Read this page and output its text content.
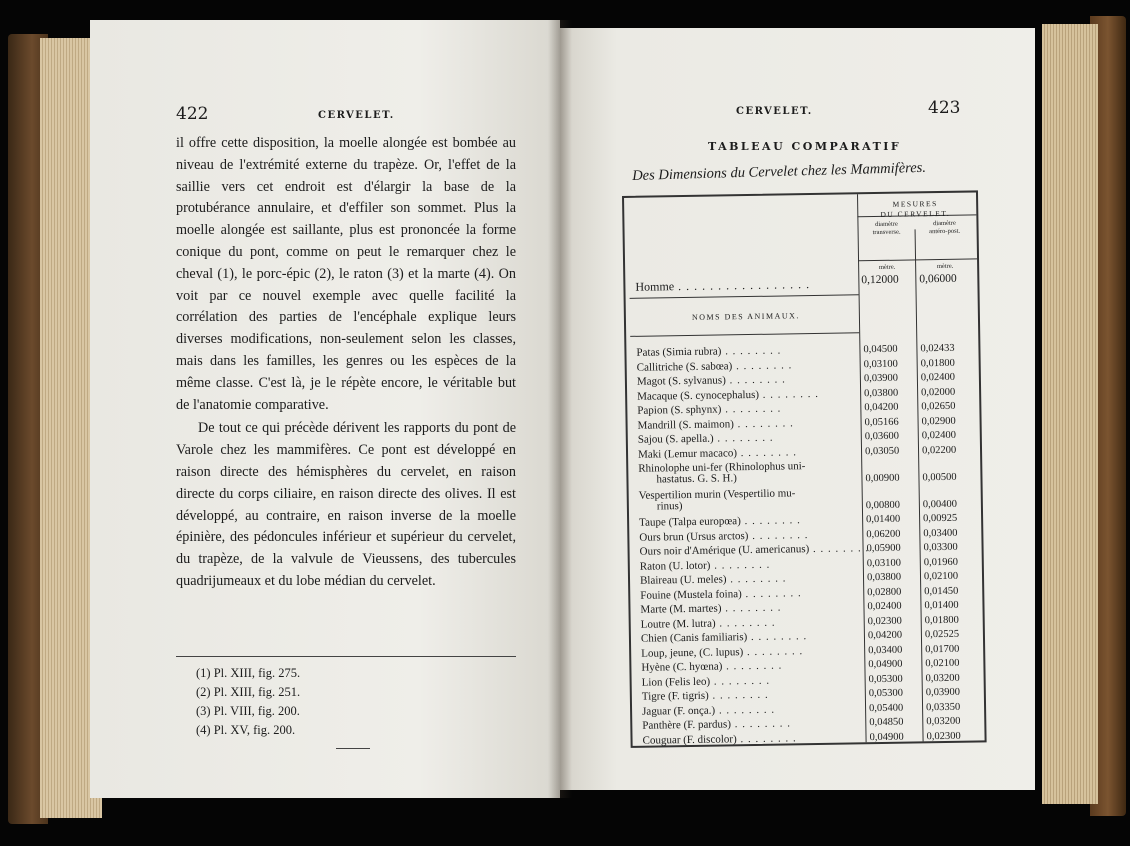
422	CERVELET.

il offre cette disposition, la moelle alongée est bombée au niveau de l'extrémité externe du trapèze. Or, l'effet de la saillie vers cet endroit est d'élargir la base de la protubérance annulaire, et d'effiler son sommet. Plus la moelle alongée est saillante, plus est prononcée la forme conique du pont, comme on peut le remarquer chez le cheval (1), le porc-épic (2), le raton (3) et la marte (4). On voit par ce nouvel exemple avec quelle facilité la corrélation des parties de l'encéphale explique leurs diverses modifications, non-seulement selon les classes, mais dans les familles, les genres ou les espèces de la même classe. C'est là, je le répète encore, le véritable but de l'anatomie comparative.

De tout ce qui précède dérivent les rapports du pont de Varole chez les mammifères. Ce pont est développé en raison directe des hémisphères du cervelet, en raison directe du corps ciliaire, en raison directe des olives. Il est développé, au contraire, en raison inverse de la moelle épinière, des pédoncules inférieur et supérieur du cervelet, du trapèze, de la valvule de Vieussens, des tubercules quadrijumeaux et du lobe médian du cervelet.

(1) Pl. XIII, fig. 275.
(2) Pl. XIII, fig. 251.
(3) Pl. VIII, fig. 200.
(4) Pl. XV, fig. 200.
CERVELET.	423
TABLEAU COMPARATIF
Des Dimensions du Cervelet chez les Mammifères.
MESURES
DU CERVELET.
diamètre
transverse.
diamètre
antéro-post.
mètre.	mètre.
Homme . . . . . . . . . . . . . . . . .	0,12000 0,06000
NOMS DES ANIMAUX.
Patas (Simia rubra) . . . . . . . .	0,04500 0,02433
Callitriche (S. sabœa) . . . . . . . .	0,03100 0,01800
Magot (S. sylvanus) . . . . . . . .	0,03900 0,02400
Macaque (S. cynocephalus) . . . . . . . .	0,03800 0,02000
Papion (S. sphynx) . . . . . . . .	0,04200 0,02650
Mandrill (S. maimon) . . . . . . . .	0,05166 0,02900
Sajou (S. apella.) . . . . . . . .	0,03600 0,02400
Maki (Lemur macaco) . . . . . . . .	0,03050 0,02200
Rhinolophe uni-fer (Rhinolophus uni-
hastatus. G. S. H.)	0,00900 0,00500
Vespertilion murin (Vespertilio mu-
rinus)	0,00800 0,00400
Taupe (Talpa europœa) . . . . . . . .	0,01400 0,00925
Ours brun (Ursus arctos) . . . . . . . .	0,06200 0,03400
Ours noir d'Amérique (U. americanus) . . . . . . . .
0,05900 0,03300
Raton (U. lotor) . . . . . . . .	0,03100 0,01960
Blaireau (U. meles) . . . . . . . .	0,03800 0,02100
Fouine (Mustela foina) . . . . . . . .	0,02800 0,01450
Marte (M. martes) . . . . . . . .	0,02400 0,01400
Loutre (M. lutra) . . . . . . . .	0,02300 0,01800
Chien (Canis familiaris) . . . . . . . .	0,04200 0,02525
Loup, jeune, (C. lupus) . . . . . . . .	0,03400 0,01700
Hyène (C. hyœna) . . . . . . . .	0,04900 0,02100
Lion (Felis leo) . . . . . . . .	0,05300 0,03200
Tigre (F. tigris) . . . . . . . .	0,05300 0,03900
Jaguar (F. onça.) . . . . . . . .	0,05400 0,03350
Panthère (F. pardus) . . . . . . . .	0,04850 0,03200
Couguar (F. discolor) . . . . . . . .	0,04900 0,02300
